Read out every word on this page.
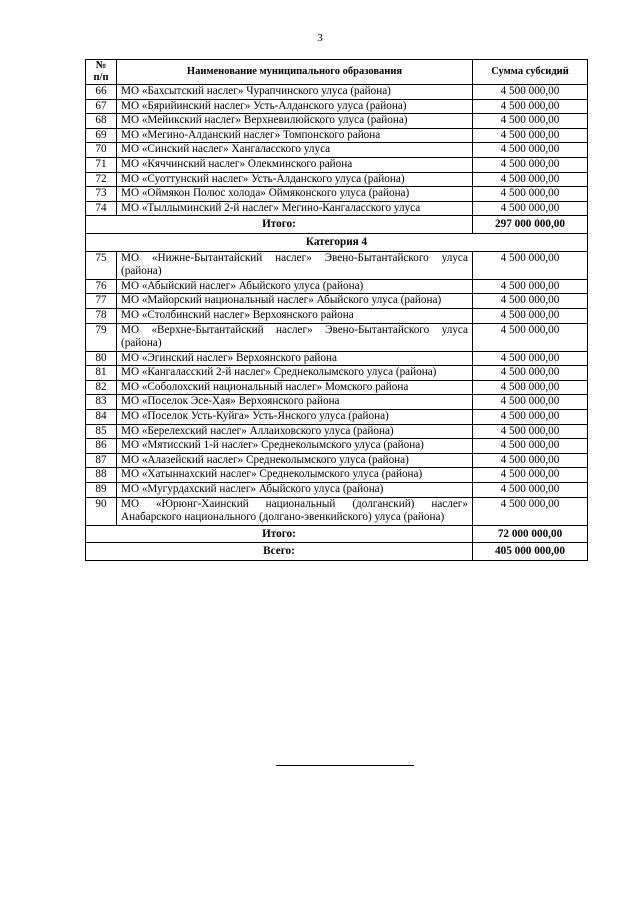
3
№ п/п	Наименование муниципального образования	Сумма субсидий
66	МО «Бахсытский наслег» Чурапчинского улуса (района)	4 500 000,00
67	МО «Бярийинский наслег» Усть-Алданского улуса (района)	4 500 000,00
68	МО «Мейикский наслег» Верхневилюйского улуса (района)	4 500 000,00
69	МО «Мегино-Алданский наслег» Томпонского района	4 500 000,00
70	МО «Синский наслег» Хангаласского улуса	4 500 000,00
71	МО «Кяччинский наслег» Олекминского района	4 500 000,00
72	МО «Суоттунский наслег» Усть-Алданского улуса (района)	4 500 000,00
73	МО «Оймякон Полюс холода» Оймяконского улуса (района)	4 500 000,00
74	МО «Тыллыминский 2-й наслег» Мегино-Кангаласского улуса	4 500 000,00
Итого:		297 000 000,00
Категория 4		
75	МО «Нижне-Бытантайский наслег» Эвено-Бытантайского улуса (района)	4 500 000,00
76	МО «Абыйский наслег» Абыйского улуса (района)	4 500 000,00
77	МО «Майорский национальный наслег» Абыйского улуса (района)	4 500 000,00
78	МО «Столбинский наслег» Верхоянского района	4 500 000,00
79	МО «Верхне-Бытантайский наслег» Эвено-Бытантайского улуса (района)	4 500 000,00
80	МО «Эгинский наслег» Верхоянского района	4 500 000,00
81	МО «Кангаласский 2-й наслег» Среднеколымского улуса (района)	4 500 000,00
82	МО «Соболохский национальный наслег» Момского района	4 500 000,00
83	МО «Поселок Эсе-Хая» Верхоянского района	4 500 000,00
84	МО «Поселок Усть-Куйга» Усть-Янского улуса (района)	4 500 000,00
85	МО «Берелехский наслег» Аллаиховского улуса (района)	4 500 000,00
86	МО «Мятисский 1-й наслег» Среднеколымского улуса (района)	4 500 000,00
87	МО «Алазейский наслег» Среднеколымского улуса (района)	4 500 000,00
88	МО «Хатыннахский наслег» Среднеколымского улуса (района)	4 500 000,00
89	МО «Мугурдахский наслег» Абыйского улуса (района)	4 500 000,00
90	МО «Юрюнг-Хаинский национальный (долганский) наслег» Анабарского национального (долгано-эвенкийского) улуса (района)	4 500 000,00
Итого:		72 000 000,00
Всего:		405 000 000,00
